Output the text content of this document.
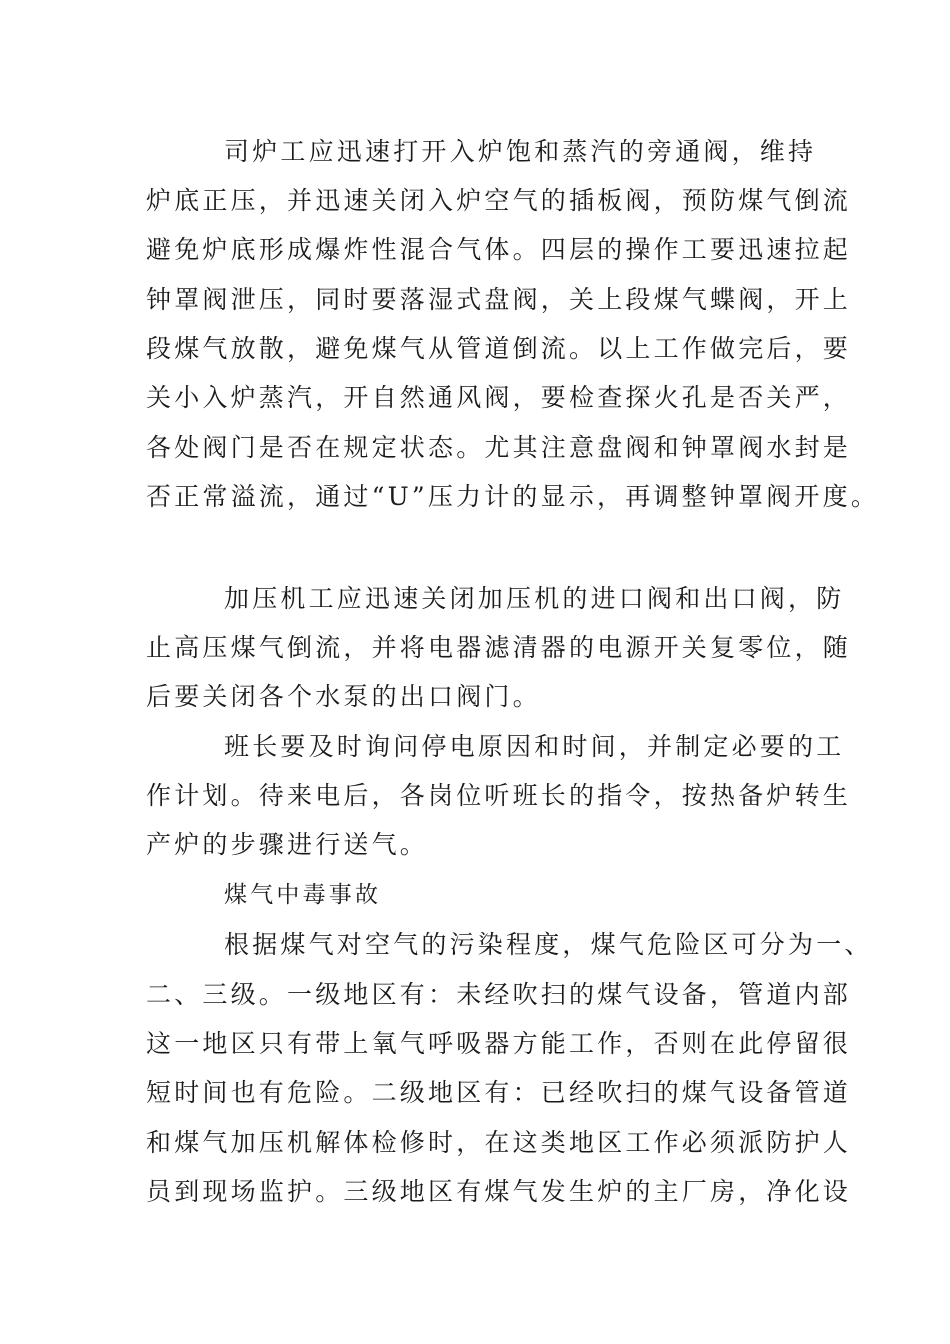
司炉工应迅速打开入炉饱和蒸汽的旁通阀，维持
炉底正压，并迅速关闭入炉空气的插板阀，预防煤气倒流
避免炉底形成爆炸性混合气体。四层的操作工要迅速拉起
钟罩阀泄压，同时要落湿式盘阀，关上段煤气蝶阀，开上
段煤气放散，避免煤气从管道倒流。以上工作做完后，要
关小入炉蒸汽，开自然通风阀，要检查探火孔是否关严，
各处阀门是否在规定状态。尤其注意盘阀和钟罩阀水封是
否正常溢流，通过“U”压力计的显示，再调整钟罩阀开度。
加压机工应迅速关闭加压机的进口阀和出口阀，防
止高压煤气倒流，并将电器滤清器的电源开关复零位，随
后要关闭各个水泵的出口阀门。
班长要及时询问停电原因和时间，并制定必要的工
作计划。待来电后，各岗位听班长的指令，按热备炉转生
产炉的步骤进行送气。
煤气中毒事故
根据煤气对空气的污染程度，煤气危险区可分为一、
二、三级。一级地区有：未经吹扫的煤气设备，管道内部
这一地区只有带上氧气呼吸器方能工作，否则在此停留很
短时间也有危险。二级地区有：已经吹扫的煤气设备管道
和煤气加压机解体检修时，在这类地区工作必须派防护人
员到现场监护。三级地区有煤气发生炉的主厂房，净化设
